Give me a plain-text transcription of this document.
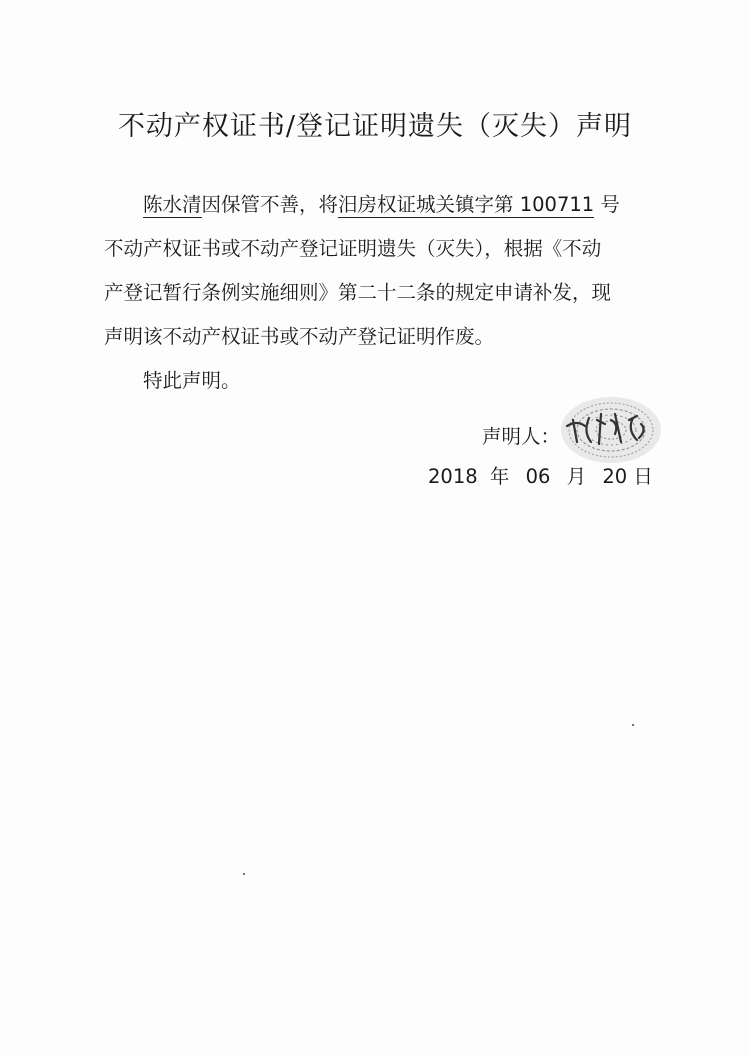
不动产权证书/登记证明遗失（灭失）声明
陈水清因保管不善，将汨房权证城关镇字第 100711 号
不动产权证书或不动产登记证明遗失（灭失），根据《不动
产登记暂行条例实施细则》第二十二条的规定申请补发，现
声明该不动产权证书或不动产登记证明作废。
特此声明。
声明人：
2018 年 06 月 20 日
